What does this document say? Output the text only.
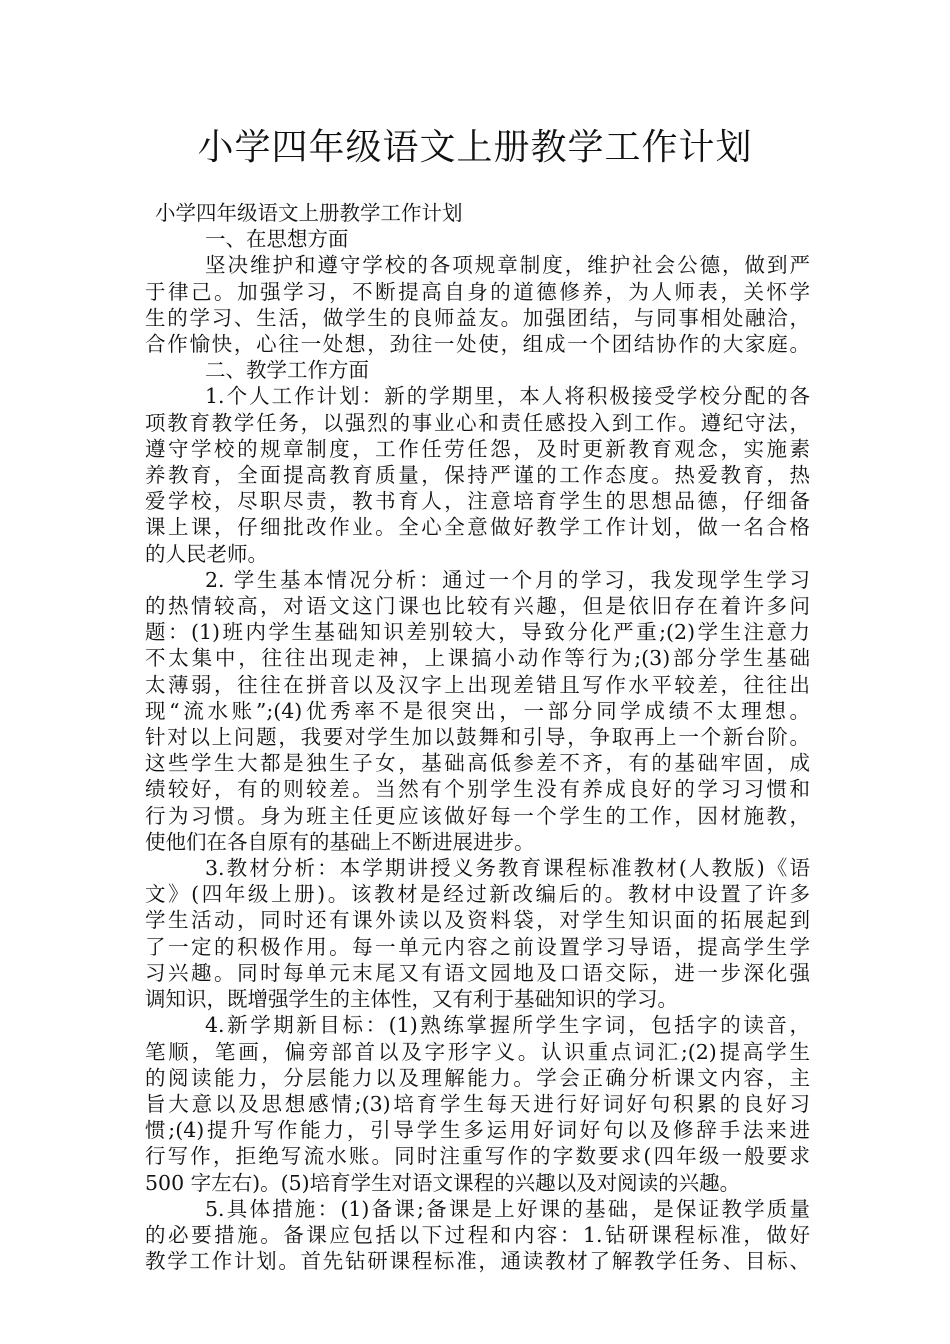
小学四年级语文上册教学工作计划
小学四年级语文上册教学工作计划
一、在思想方面
坚决维护和遵守学校的各项规章制度，维护社会公德，做到严
于律己。加强学习，不断提高自身的道德修养，为人师表，关怀学
生的学习、生活，做学生的良师益友。加强团结，与同事相处融洽，
合作愉快，心往一处想，劲往一处使，组成一个团结协作的大家庭。
二、教学工作方面
1.个人工作计划：新的学期里，本人将积极接受学校分配的各
项教育教学任务，以强烈的事业心和责任感投入到工作。遵纪守法，
遵守学校的规章制度，工作任劳任怨，及时更新教育观念，实施素
养教育，全面提高教育质量，保持严谨的工作态度。热爱教育，热
爱学校，尽职尽责，教书育人，注意培育学生的思想品德，仔细备
课上课，仔细批改作业。全心全意做好教学工作计划，做一名合格
的人民老师。
2. 学生基本情况分析：通过一个月的学习，我发现学生学习
的热情较高，对语文这门课也比较有兴趣，但是依旧存在着许多问
题：(1)班内学生基础知识差别较大，导致分化严重;(2)学生注意力
不太集中，往往出现走神，上课搞小动作等行为;(3)部分学生基础
太薄弱，往往在拼音以及汉字上出现差错且写作水平较差，往往出
现“流水账”;(4)优秀率不是很突出，一部分同学成绩不太理想。
针对以上问题，我要对学生加以鼓舞和引导，争取再上一个新台阶。
这些学生大都是独生子女，基础高低参差不齐，有的基础牢固，成
绩较好，有的则较差。当然有个别学生没有养成良好的学习习惯和
行为习惯。身为班主任更应该做好每一个学生的工作，因材施教，
使他们在各自原有的基础上不断进展进步。
3.教材分析：本学期讲授义务教育课程标准教材(人教版)《语
文》(四年级上册)。该教材是经过新改编后的。教材中设置了许多
学生活动，同时还有课外读以及资料袋，对学生知识面的拓展起到
了一定的积极作用。每一单元内容之前设置学习导语，提高学生学
习兴趣。同时每单元末尾又有语文园地及口语交际，进一步深化强
调知识，既增强学生的主体性，又有利于基础知识的学习。
4.新学期新目标：(1)熟练掌握所学生字词，包括字的读音，
笔顺，笔画，偏旁部首以及字形字义。认识重点词汇;(2)提高学生
的阅读能力，分层能力以及理解能力。学会正确分析课文内容，主
旨大意以及思想感情;(3)培育学生每天进行好词好句积累的良好习
惯;(4)提升写作能力，引导学生多运用好词好句以及修辞手法来进
行写作，拒绝写流水账。同时注重写作的字数要求(四年级一般要求
500 字左右)。(5)培育学生对语文课程的兴趣以及对阅读的兴趣。
5.具体措施：(1)备课;备课是上好课的基础，是保证教学质量
的必要措施。备课应包括以下过程和内容：1.钻研课程标准，做好
教学工作计划。首先钻研课程标准，通读教材了解教学任务、目标、
